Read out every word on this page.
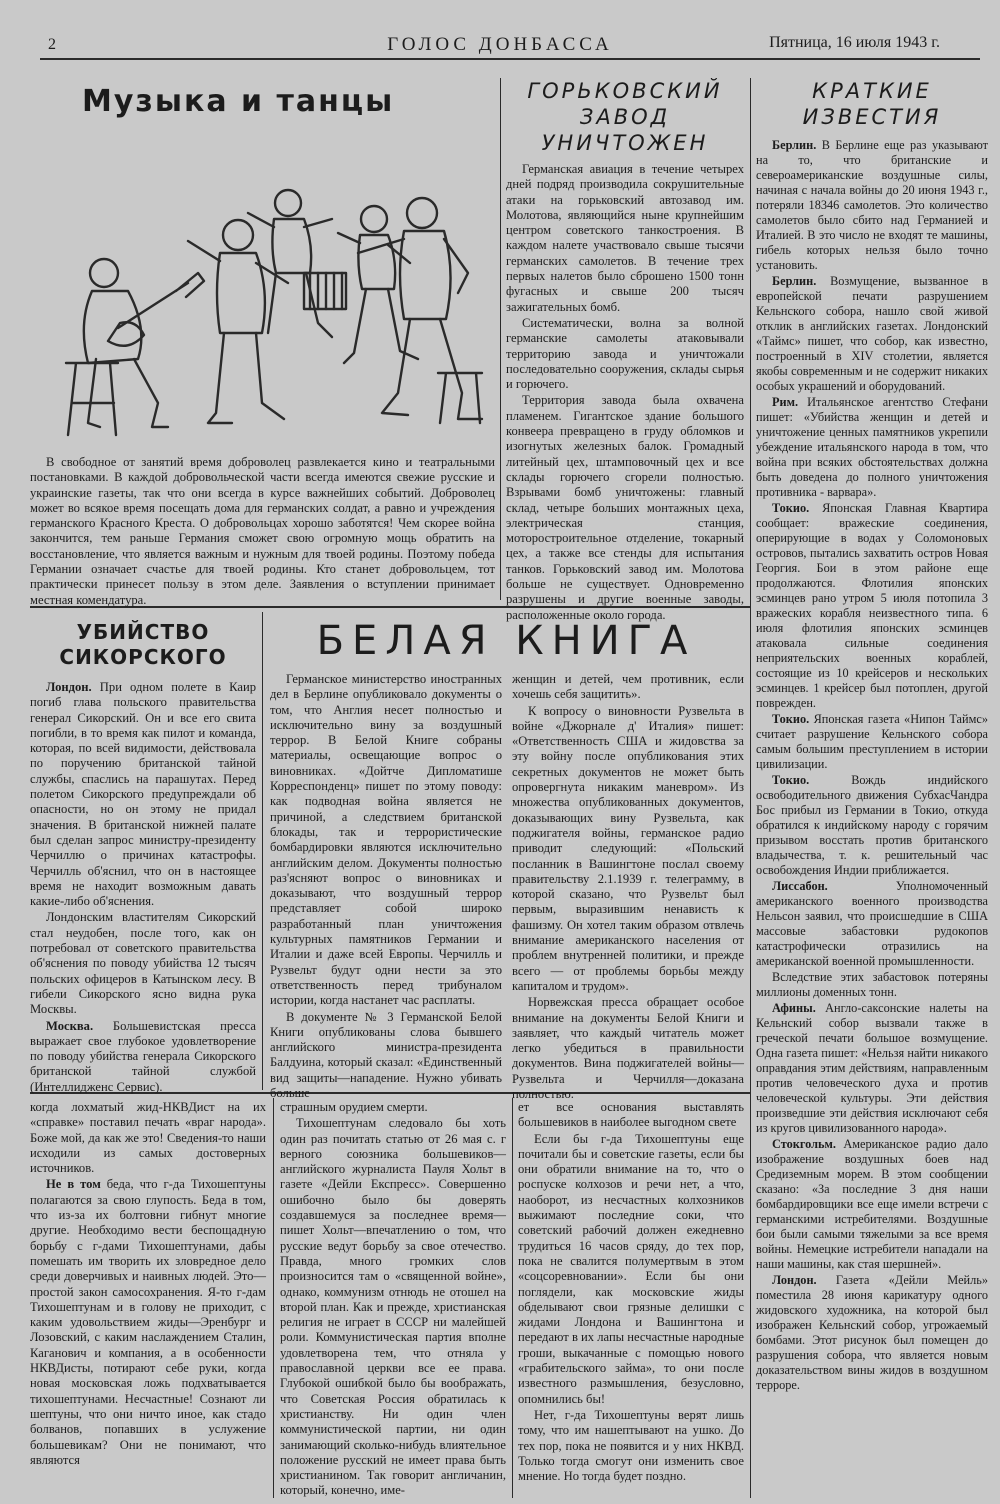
2	ГОЛОС ДОНБАССА	Пятница, 16 июля 1943 г.
Музыка и танцы

В свободное от занятий время доброволец развлекается кино и театральными постановками. В каждой добровольческой части всегда имеются свежие русские и украинские газеты, так что они всегда в курсе важнейших событий. Доброволец может во всякое время посещать дома для германских солдат, а равно и учреждения германского Красного Креста. О добровольцах хорошо заботятся! Чем скорее война закончится, тем раньше Германия сможет свою огромную мощь обратить на восстановление, что является важным и нужным для твоей родины. Поэтому победа Германии означает счастье для твоей родины. Кто станет добровольцем, тот практически принесет пользу в этом деле. Заявления о вступлении принимает местная комендатура.

ГОРЬКОВСКИЙ ЗАВОД УНИЧТОЖЕН

Германская авиация в течение четырех дней подряд производила сокрушительные атаки на горьковский автозавод им. Молотова, являющийся ныне крупнейшим центром советского танкостроения. В каждом налете участвовало свыше тысячи германских самолетов. В течение трех первых налетов было сброшено 1500 тонн фугасных и свыше 200 тысяч зажигательных бомб.

Систематически, волна за волной германские самолеты атаковывали территорию завода и уничтожали последовательно сооружения, склады сырья и горючего.

Территория завода была охвачена пламенем. Гигантское здание большого конвеера превращено в груду обломков и изогнутых железных балок. Громадный литейный цех, штамповочный цех и все склады горючего сгорели полностью. Взрывами бомб уничтожены: главный склад, четыре больших монтажных цеха, электрическая станция, моторостроительное отделение, токарный цех, а также все стенды для испытания танков. Горьковский завод им. Молотова больше не существует. Одновременно разрушены и другие военные заводы, расположенные около города.

КРАТКИЕ ИЗВЕСТИЯ

Берлин. В Берлине еще раз указывают на то, что британские и североамериканские воздушные силы, начиная с начала войны до 20 июня 1943 г., потеряли 18346 самолетов. Это количество самолетов было сбито над Германией и Италией. В это число не входят те машины, гибель которых нельзя было точно установить.

Берлин. Возмущение, вызванное в европейской печати разрушением Кельнского собора, нашло свой живой отклик в английских газетах. Лондонский «Таймс» пишет, что собор, как известно, построенный в XIV столетии, является якобы современным и не содержит никаких особых украшений и оборудований.

Рим. Итальянское агентство Стефани пишет: «Убийства женщин и детей и уничтожение ценных памятников укрепили убеждение итальянского народа в том, что война при всяких обстоятельствах должна быть доведена до полного уничтожения противника - варвара».

Токио. Японская Главная Квартира сообщает: вражеские соединения, оперирующие в водах у Соломоновых островов, пытались захватить остров Новая Георгия. Бои в этом районе еще продолжаются. Флотилия японских эсминцев рано утром 5 июля потопила 3 вражеских корабля неизвестного типа. 6 июля флотилия японских эсминцев атаковала сильные соединения неприятельских военных кораблей, состоящие из 10 крейсеров и нескольких эсминцев. 1 крейсер был потоплен, другой поврежден.

Токио. Японская газета «Нипон Таймс» считает разрушение Кельнского собора самым большим преступлением в истории цивилизации.

Токио.	Вождь индийского освободительного движения СубхасЧандра Бос прибыл из Германии в Токио, откуда обратился к индийскому народу с горячим призывом восстать против британского владычества, т. к. решительный час освобождения Индии приближается.

Лиссабон.	Уполномоченный американского военного производства Нельсон заявил, что происшедшие в США массовые забастовки рудокопов катастрофически отразились на американской военной промышленности.

Вследствие этих забастовок потеряны миллионы доменных тонн.

Афины. Англо-саксонские налеты на Кельнский собор вызвали также в греческой печати большое возмущение. Одна газета пишет: «Нельзя найти никакого оправдания этим действиям, направленным против человеческого духа и против человеческой культуры. Эти действия произведшие эти действия исключают себя из кругов цивилизованного народа».

Стокгольм. Американское радио дало изображение воздушных боев над Средиземным морем. В этом сообщении сказано: «За последние 3 дня наши бомбардировщики все еще имели встречи с германскими истребителями. Воздушные бои были самыми тяжелыми за все время войны. Немецкие истребители нападали на наши машины, как стая шершней».

Лондон. Газета «Дейли Мейль» поместила 28 июня карикатуру одного жидовского художника, на которой был изображен Кельнский собор, угрожаемый бомбами. Этот рисунок был помещен до разрушения собора, что является новым доказательством вины жидов в воздушном терроре.

УБИЙСТВО СИКОРСКОГО

Лондон. При одном полете в Каир погиб глава польского правительства генерал Сикорский. Он и все его свита погибли, в то время как пилот и команда, которая, по всей видимости, действовала по поручению британской тайной службы, спаслись на парашутах. Перед полетом Сикорского предупреждали об опасности, но он этому не придал значения. В британской нижней палате был сделан запрос министру-президенту Черчиллю о причинах катастрофы. Черчилль об'яснил, что он в настоящее время не находит возможным давать какие-либо об'яснения.

Лондонским властителям Сикорский стал неудобен, после того, как он потребовал от советского правительства об'яснения по поводу убийства 12 тысяч польских офицеров в Катынском лесу. В гибели Сикорского ясно видна рука Москвы.

Москва. Большевистская пресса выражает свое глубокое удовлетворение по поводу убийства генерала Сикорского британской тайной службой (Интеллидженс Сервис).

БЕЛАЯ КНИГА

Германское министерство иностранных дел в Берлине опубликовало документы о том, что Англия несет полностью и исключительно вину за воздушный террор. В Белой Книге собраны материалы, освещающие вопрос о виновниках. «Дойтче Дипломатише Корреспонденц» пишет по этому поводу: как подводная война является не причиной, а следствием британской блокады, так и террористические бомбардировки являются исключительно английским делом. Документы полностью раз'ясняют вопрос о виновниках и доказывают, что воздушный террор представляет собой широко разработанный план уничтожения культурных памятников Германии и Италии и даже всей Европы. Черчилль и Рузвельт будут одни нести за это ответственность перед трибуналом истории, когда настанет час расплаты.

В документе № 3 Германской Белой Книги опубликованы слова бывшего английского министра-президента Балдуина, который сказал: «Единственный вид защиты—нападение. Нужно убивать больше

женщин и детей, чем противник, если хочешь себя защитить».

К вопросу о виновности Рузвельта в войне «Джорнале д' Италия» пишет: «Ответственность США и жидовства за эту войну после опубликования этих секретных документов не может быть опровергнута никаким маневром». Из множества опубликованных документов, доказывающих вину Рузвельта, как поджигателя войны, германское радио приводит следующий: «Польский посланник в Вашингтоне послал своему правительству 2.1.1939 г. телеграмму, в которой сказано, что Рузвельт был первым, выразившим ненависть к фашизму. Он хотел таким образом отвлечь внимание американского населения от проблем внутренней политики, и прежде всего — от проблемы борьбы между капиталом и трудом».

Норвежская пресса обращает особое внимание на документы Белой Книги и заявляет, что каждый читатель может легко убедиться в правильности документов. Вина поджигателей войны—Рузвельта и Черчилля—доказана полностью.

когда лохматый жид-НКВДист на их «справке» поставил печать «враг народа». Боже мой, да как же это! Сведения-то наши исходили из самых достоверных источников.

Не в том беда, что г-да Тихошептуны полагаются за свою глупость. Беда в том, что из-за их болтовни гибнут многие другие. Необходимо вести беспощадную борьбу с г-дами Тихошептунами, дабы помешать им творить их зловредное дело среди доверчивых и наивных людей. Это—простой закон самосохранения. Я-то г-дам Тихошептунам и в голову не приходит, с каким удовольствием жиды—Эренбург и Лозовский, с каким наслаждением Сталин, Каганович и компания, а в особенности НКВДисты, потирают себе руки, когда новая московская ложь подхватывается тихошептунами. Несчастные! Сознают ли шептуны, что они ничто иное, как стадо болванов, попавших в услужение большевикам? Они не понимают, что являются

страшным орудием смерти.

Тихошептунам следовало бы хоть один раз почитать статью от 26 мая с. г верного союзника большевиков—английского журналиста Пауля Хольт в газете «Дейли Експресс». Совершенно ошибочно было бы доверять создавшемуся за последнее время—пишет Хольт—впечатлению о том, что русские ведут борьбу за свое отечество. Правда, много громких слов произносится там о «священной войне», однако, коммунизм отнюдь не отошел на второй план. Как и прежде, христианская религия не играет в СССР ни малейшей роли. Коммунистическая партия вполне удовлетворена тем, что отняла у православной церкви все ее права. Глубокой ошибкой было бы воображать, что Советская Россия обратилась к христианству. Ни один член коммунистической партии, ни один занимающий сколько-нибудь влиятельное положение русский не имеет права быть христианином. Так говорит англичанин, который, конечно, име-

ет все основания выставлять большевиков в наиболее выгодном свете

Если бы г-да Тихошептуны еще почитали бы и советские газеты, если бы они обратили внимание на то, что о роспуске колхозов и речи нет, а что, наоборот, из несчастных колхозников выжимают последние соки, что советский рабочий должен ежедневно трудиться 16 часов сряду, до тех пор, пока не свалится полумертвым в этом «соцсоревновании». Если бы они поглядели, как московские жиды обделывают свои грязные делишки с жидами Лондона и Вашингтона и передают в их лапы несчастные народные гроши, выкачанные с помощью нового «грабительского займа», то они после известного размышления, безусловно, опомнились бы!

Нет, г-да Тихошептуны верят лишь тому, что им нашептывают на ушко. До тех пор, пока не появится и у них НКВД. Только тогда смогут они изменить свое мнение. Но тогда будет поздно.
